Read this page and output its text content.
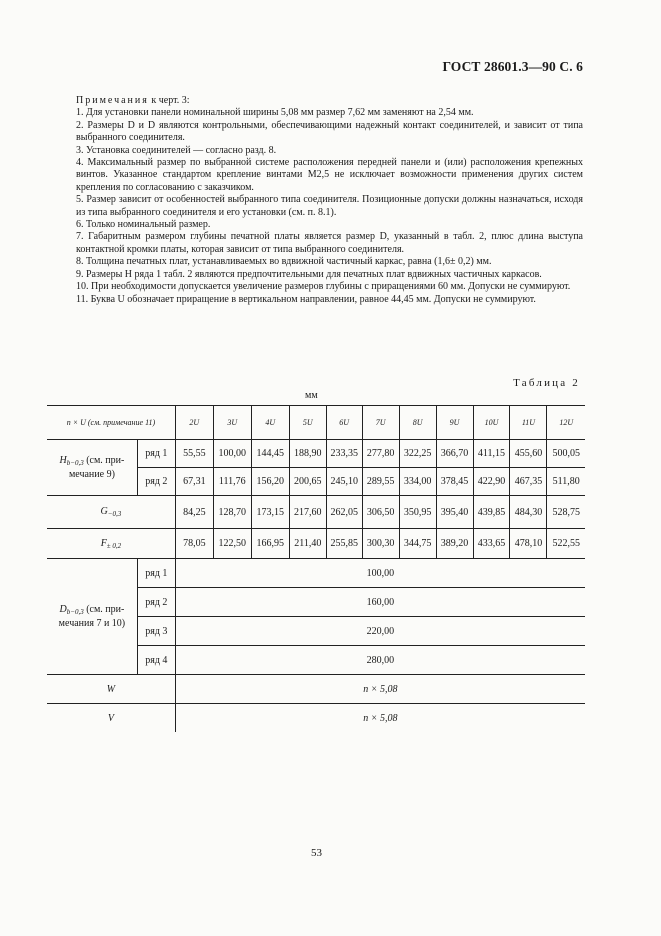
ГОСТ 28601.3—90 С. 6

Примечания к черт. 3:

1. Для установки панели номинальной ширины 5,08 мм размер 7,62 мм заменяют на 2,54 мм.

2. Размеры D и D являются контрольными, обеспечивающими надежный контакт соединителей, и зависит от типа выбранного соединителя.

3. Установка соединителей — согласно разд. 8.

4. Максимальный размер по выбранной системе расположения передней панели и (или) расположения крепежных винтов. Указанное стандартом крепление винтами М2,5 не исключает возможности применения других систем крепления по согласованию с заказчиком.

5. Размер зависит от особенностей выбранного типа соединителя. Позиционные допуски должны назначаться, исходя из типа выбранного соединителя и его установки (см. п. 8.1).

6. Только номинальный размер.

7. Габаритным размером глубины печатной платы является размер D, указанный в табл. 2, плюс длина выступа контактной кромки платы, которая зависит от типа выбранного соединителя.

8. Толщина печатных плат, устанавливаемых во вдвижной частичный каркас, равна (1,6± 0,2) мм.

9. Размеры H ряда 1 табл. 2 являются предпочтительными для печатных плат вдвижных частичных каркасов.

10. При необходимости допускается увеличение размеров глубины с приращениями 60 мм. Допуски не суммируют.

11. Буква U обозначает приращение в вертикальном направлении, равное 44,45 мм. Допуски не суммируют.

Таблица 2
мм
n × U (см. примечание 11)		2U	3U	4U	5U	6U	7U	8U	9U	10U	11U	12U
$H_{b-0,3}$ (см. при-
мечание 9)	ряд 1	55,55	100,00	144,45	188,90	233,35	277,80	322,25	366,70	411,15	455,60	500,05
	ряд 2	67,31	111,76	156,20	200,65	245,10	289,55	334,00	378,45	422,90	467,35	511,80
$G_{-0,3}$		84,25	128,70	173,15	217,60	262,05	306,50	350,95	395,40	439,85	484,30	528,75
$F_{\pm 0,2}$		78,05	122,50	166,95	211,40	255,85	300,30	344,75	389,20	433,65	478,10	522,55
$D_{b-0,3}$ (см. при-
мечания 7 и 10)	ряд 1	100,00										
	ряд 2	160,00										
	ряд 3	220,00										
	ряд 4	280,00										
W		n × 5,08										
V		n × 5,08										
53
